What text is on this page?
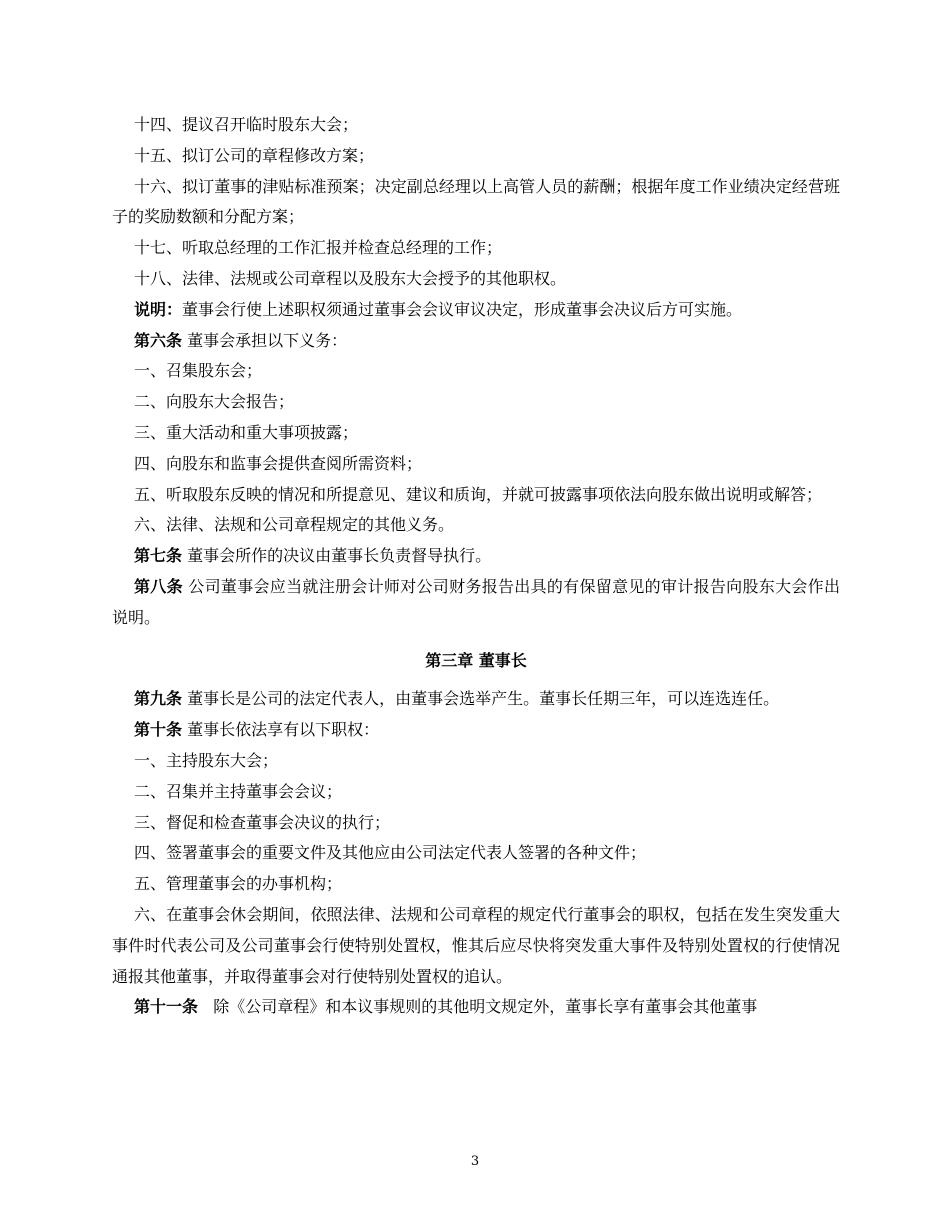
十四、提议召开临时股东大会；

十五、拟订公司的章程修改方案；

十六、拟订董事的津贴标准预案；决定副总经理以上高管人员的薪酬；根据年度工作业绩决定经营班子的奖励数额和分配方案；

十七、听取总经理的工作汇报并检查总经理的工作；

十八、法律、法规或公司章程以及股东大会授予的其他职权。

说明：董事会行使上述职权须通过董事会会议审议决定，形成董事会决议后方可实施。

第六条 董事会承担以下义务：

一、召集股东会；

二、向股东大会报告；

三、重大活动和重大事项披露；

四、向股东和监事会提供查阅所需资料；

五、听取股东反映的情况和所提意见、建议和质询，并就可披露事项依法向股东做出说明或解答；

六、法律、法规和公司章程规定的其他义务。

第七条 董事会所作的决议由董事长负责督导执行。

第八条 公司董事会应当就注册会计师对公司财务报告出具的有保留意见的审计报告向股东大会作出说明。

第三章 董事长

第九条 董事长是公司的法定代表人，由董事会选举产生。董事长任期三年，可以连选连任。

第十条 董事长依法享有以下职权：

一、主持股东大会；

二、召集并主持董事会会议；

三、督促和检查董事会决议的执行；

四、签署董事会的重要文件及其他应由公司法定代表人签署的各种文件；

五、管理董事会的办事机构；

六、在董事会休会期间，依照法律、法规和公司章程的规定代行董事会的职权，包括在发生突发重大事件时代表公司及公司董事会行使特别处置权，惟其后应尽快将突发重大事件及特别处置权的行使情况通报其他董事，并取得董事会对行使特别处置权的追认。

第十一条   除《公司章程》和本议事规则的其他明文规定外，董事长享有董事会其他董事

3
